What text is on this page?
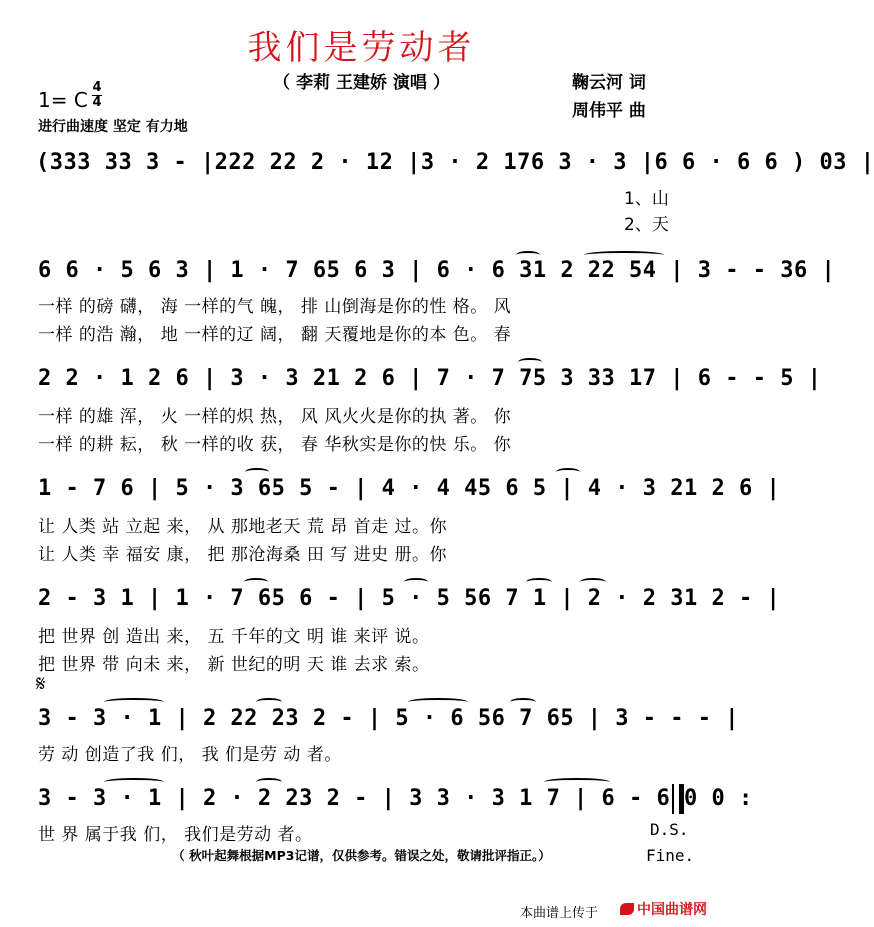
我们是劳动者
（ 李莉 王建娇 演唱 ）	鞠云河 词
周伟平 曲
1= C
4
4
进行曲速度 坚定 有力地
(333 33 3 - |222 22 2 · 12 |3 · 2 176 3 · 3 |6 6 · 6 6 ) 03 |
1、山
2、天
6 6 · 5 6 3 | 1 · 7 65 6 3 | 6 · 6 31 2 22 54 | 3 - - 36 |
一样 的磅 礴， 海 一样的气 魄， 排 山倒海是你的性 格。 风
一样 的浩 瀚， 地 一样的辽 阔， 翻 天覆地是你的本 色。 春
2 2 · 1 2 6 | 3 · 3 21 2 6 | 7 · 7 75 3 33 17 | 6 - - 5 |
一样 的雄 浑， 火 一样的炽 热， 风 风火火是你的执 著。 你
一样 的耕 耘， 秋 一样的收 获， 春 华秋实是你的快 乐。 你
1 - 7 6 | 5 · 3 65 5 - | 4 · 4 45 6 5 | 4 · 3 21 2 6 |
让 人类 站 立起 来， 从 那地老天 荒 昂 首走 过。你
让 人类 幸 福安 康， 把 那沧海桑 田 写 进史 册。你
2 - 3 1 | 1 · 7 65 6 - | 5 · 5 56 7 1 | 2 · 2 31 2 - |
把 世界 创 造出 来， 五 千年的文 明 谁 来评 说。
把 世界 带 向未 来， 新 世纪的明 天 谁 去求 索。
𝄋
3 - 3 · 1 | 2 22 23 2 - | 5 · 6 56 7 65 | 3 - - - |
劳 动 创造了我 们， 我 们是劳 动 者。
3 - 3 · 1 | 2 · 2 23 2 - | 3 3 · 3 1 7 | 6 - 6 0 0 :
世 界 属于我 们， 我们是劳动 者。	D.S.
（ 秋叶起舞根据MP3记谱，仅供参考。错误之处，敬请批评指正。）	Fine.
本曲谱上传于	中国曲谱网
